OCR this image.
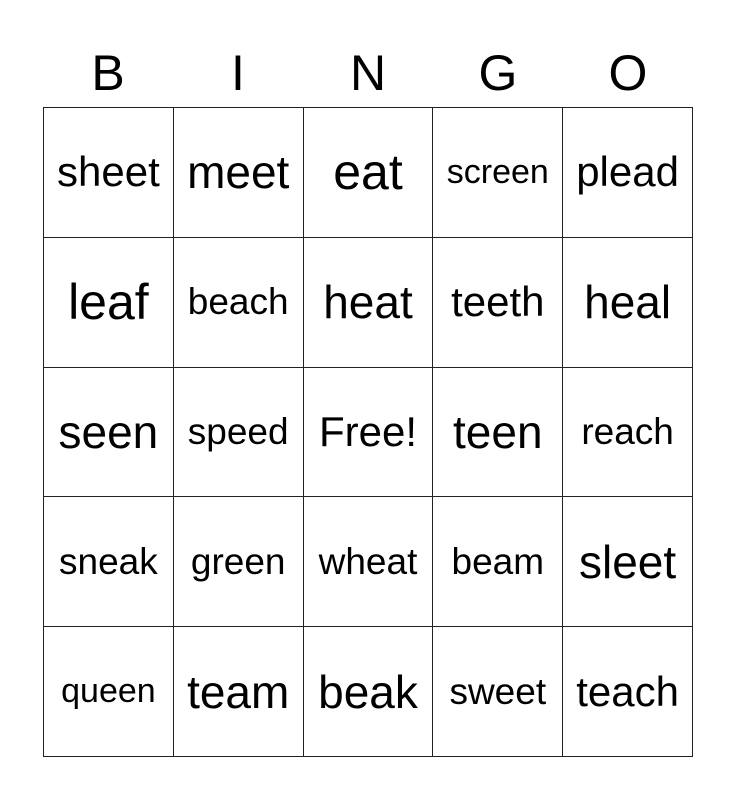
B	I	N	G	O
sheet meet eat screen plead
leaf beach heat teeth heal
seen speed Free! teen reach
sneak green wheat beam sleet
queen team beak sweet teach
